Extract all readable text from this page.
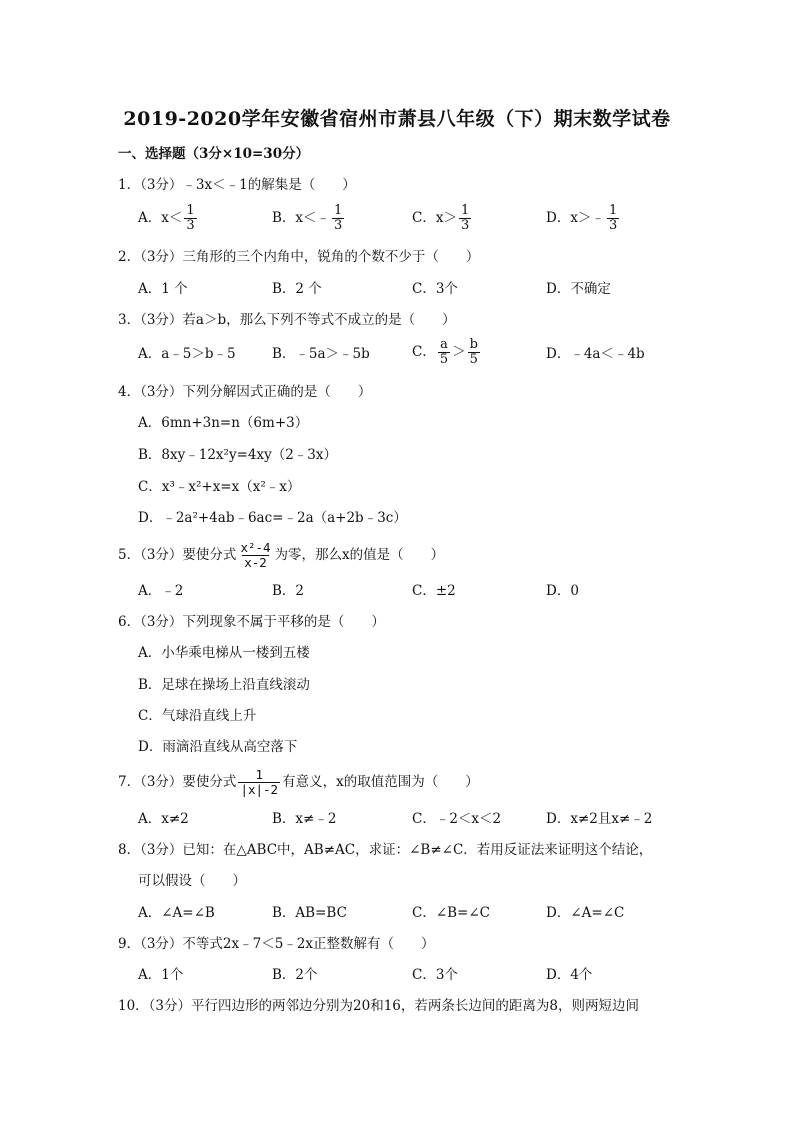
2019-2020学年安徽省宿州市萧县八年级（下）期末数学试卷
一、选择题（3分×10=30分）
1．（3分）﹣3x＜﹣1的解集是（　　）
A．$x< \frac{1}{3}$	B．x＜﹣ $\frac{1}{3}$	C．$x> \frac{1}{3}$	D．x＞﹣ $\frac{1}{3}$
2．（3分）三角形的三个内角中，锐角的个数不少于（　　）
A．1 个	B．2 个	C．3个	D．不确定
3．（3分）若a＞b，那么下列不等式不成立的是（　　）
A．a﹣5＞b﹣5	B．﹣5a＞﹣5b	C． $\frac{a}{5} > \frac{b}{5}$	D．﹣4a＜﹣4b
4．（3分）下列分解因式正确的是（　　）
A．6mn+3n=n（6m+3）
B．8xy﹣12x²y=4xy（2﹣3x）
C．x³﹣x²+x=x（x²﹣x）
D．﹣2a²+4ab﹣6ac=﹣2a（a+2b﹣3c）
5．（3分）要使分式 $\frac{\text{x²-4}}{x-2}$ 为零，那么x的值是（　　）
A．﹣2	B．2	C．±2	D．0
6．（3分）下列现象不属于平移的是（　　）
A．小华乘电梯从一楼到五楼
B．足球在操场上沿直线滚动
C．气球沿直线上升
D．雨滴沿直线从高空落下
7．（3分）要使分式 $\frac{1}{|x|-2}$ 有意义，x的取值范围为（　　）
A．x≠2	B．x≠﹣2	C．﹣2＜x＜2	D．x≠2且x≠﹣2
8．（3分）已知：在△ABC中，AB≠AC，求证：∠B≠∠C．若用反证法来证明这个结论，
可以假设（　　）
A．∠A=∠B	B．AB=BC	C．∠B=∠C	D．∠A=∠C
9．（3分）不等式2x﹣7＜5﹣2x正整数解有（　　）
A．1个	B．2个	C．3个	D．4个
10．（3分）平行四边形的两邻边分别为20和16，若两条长边间的距离为8，则两短边间
